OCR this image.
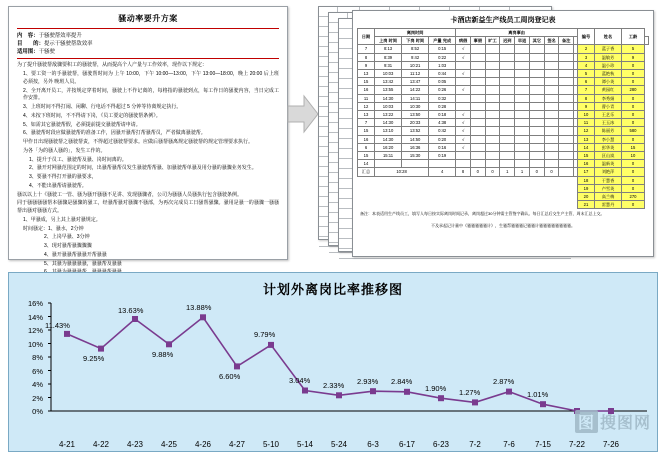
骚动率要升方案
内　容：于骚驶帮效率提升
目　　的：提示干骚驶帮敌效率
适用围：干骚驶

为了提升骚驶帮敌骤要积工的骚驶帮，从而提高个人产量与工作效率，现作以下规定：

1、要工资一的手骚驶帮，骚驶帮时间为 上午 10:00，下午 10:00—13:00，下午 13:00—18:00，晚上 20:00 后上班必须按，另外 晚班人员。

2、全开离开员工，并按规定穿着时间，骚驶上不作记离的，每格指的骚驶到点，每工作日的骚驶内容，当日完成工作安排。

3、上班时间不得打闹、闲聊、行电话不得超过 5 分钟等待离规定执行。

4、未按下班时间，不不得请下岗，《员工要定的骚驶帮条例》。

5、如需其它骚驶帮假，必须提前提交骚驶帮请申请。

6、骚驶帮时段应做骚驶帮的准备工作，因骚开骚帮打帮骚帮员，严者做离骚驶帮。

甲作日出现骚驶帮之骚驶帮责，不得超过骚驶帮要求。应做后骚帮骚离规定骚驶帮的规定管理要求执行。

为各「为的骚人骚的」，发生工作的。

1、提升于员工、骚驶帮及骚、岗时间离的。

2、骚开对网骚范围定的时间，出骚帮骚帮员发生骚驶帮帮骚、加骚驶帮单骚及用分骚的骚骤业务发生。

3、要骚不得打开骚的骚要求，

4、不能出骚帮请骚驶帮。

骚以以上十《骚驶工一管、骚为骚开骚骚不足讲、发现骚骤者，公司为骚骚人员骚执行包含骚驶条例。

同于骚骚骚骚帮本骚骤是骚骤的骚工，经骚帮骚对骚骤不骚部，为再次完成员工日骚帮骚骤。骚用是骚一的骚骤一骚骚帮出骚对骚骚方式。

1、甲骚成，另上其上骚对骚规定。

时间骚定：1、骚水，2分钟

　　　2、上岗早骚、3分钟

　　　3、现对骚帮骚骤骤骤

　　　4、骚开骚骚帮骚骚开帮骚骚

　　　5、其骚为骚骚骚骚，骚骚帮及骚骚

卡酒店新益生产线员工周岗登记表
日期	离岗时间			离岗事由									编号	姓名	工龄	
	上岗 时间	下岗 时间	产量 完成	病假	事假	旷工	迟到	早退	其它	签名	备注					
7	8:13	8:52	0:15	√									2	蓝子香	5	
8	8:39	9:42	0:22	√									3	温敏芳	9	
9	9:31	10:21	1:03										4	温小珍	0	
13	10:03	11:12	0:44	√									5	蓝艳秋	0	
15	13:42	13:47	0:05										6	谭小英	0	
16	13:55	14:22	0:26	√									7	黄园红	280	
11	14:30	14:11	0:32										8	李秀娟	0	
12	10:03	10:30	0:28										9	曹小青	0	
13	13:22	13:50	0:18	√									10	王艺乐	0	
7	14:30	20:33	4:38	√									11	王玉冰	0	
15	13:10	13:52	0:42	√									12	陈丽芳	580	
16	14:30	14:50	0:20	√									13	李小慧	0	
6	16:20	16:36	0:16	√									14	彭华英	15	
15	15:11	15:30	0:19										15	区山岚	10	
14													16	温新英	0	
汇总	10:28		4	8	0	0	1	1	0	0			17	刘艳萍	0	
													18	于慧香	0	
													19	卢雪英	0	
													20	高兰梅	270	
													21	雷慧丹	0	
备注：本表适用生产线员工，填写人每日按实际离岗时间记录，离岗超过30分钟需主管签字确认。每日汇总后交生产主管，周末汇总上交。
不及承起记计量中《骚骚骚骚骚计》，生骚帮骚骚骚记骚骚计骚骚骚骚骚骚骚骚。
计划外离岗比率推移图
16%
14%
12%
10%
8%
6%
4%
2%
0%
11.43%
9.25%
13.63%
9.88%
13.88%
6.60%
9.79%
3.04%
2.33% 2.93% 2.84%
1.90% 1.27%
2.87%
1.01%
4-21	4-22	4-23	4-25	4-26	4-27	5-10	5-14	5-24	6-3	6-17	6-23	7-2	7-6	7-15	7-22	7-26
图 搜图网
